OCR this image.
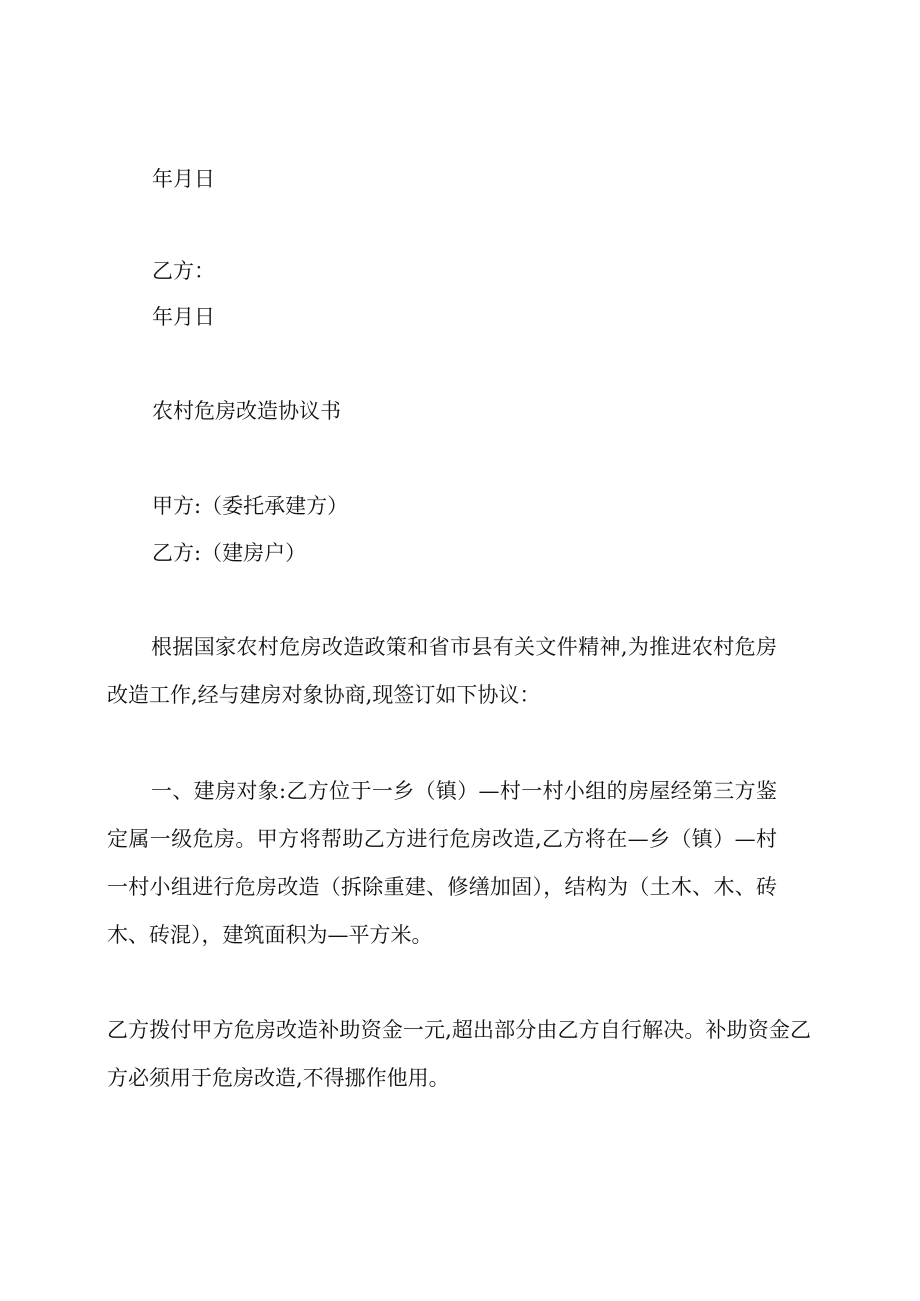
年月日
乙方：
年月日
农村危房改造协议书
甲方:（委托承建方）
乙方:（建房户）
根据国家农村危房改造政策和省市县有关文件精神,为推进农村危房改造工作,经与建房对象协商,现签订如下协议：
一、建房对象:乙方位于一乡（镇）—村一村小组的房屋经第三方鉴定属一级危房。甲方将帮助乙方进行危房改造,乙方将在—乡（镇）—村一村小组进行危房改造（拆除重建、修缮加固），结构为（土木、木、砖木、砖混），建筑面积为—平方米。
乙方拨付甲方危房改造补助资金一元,超出部分由乙方自行解决。补助资金乙方必须用于危房改造,不得挪作他用。
